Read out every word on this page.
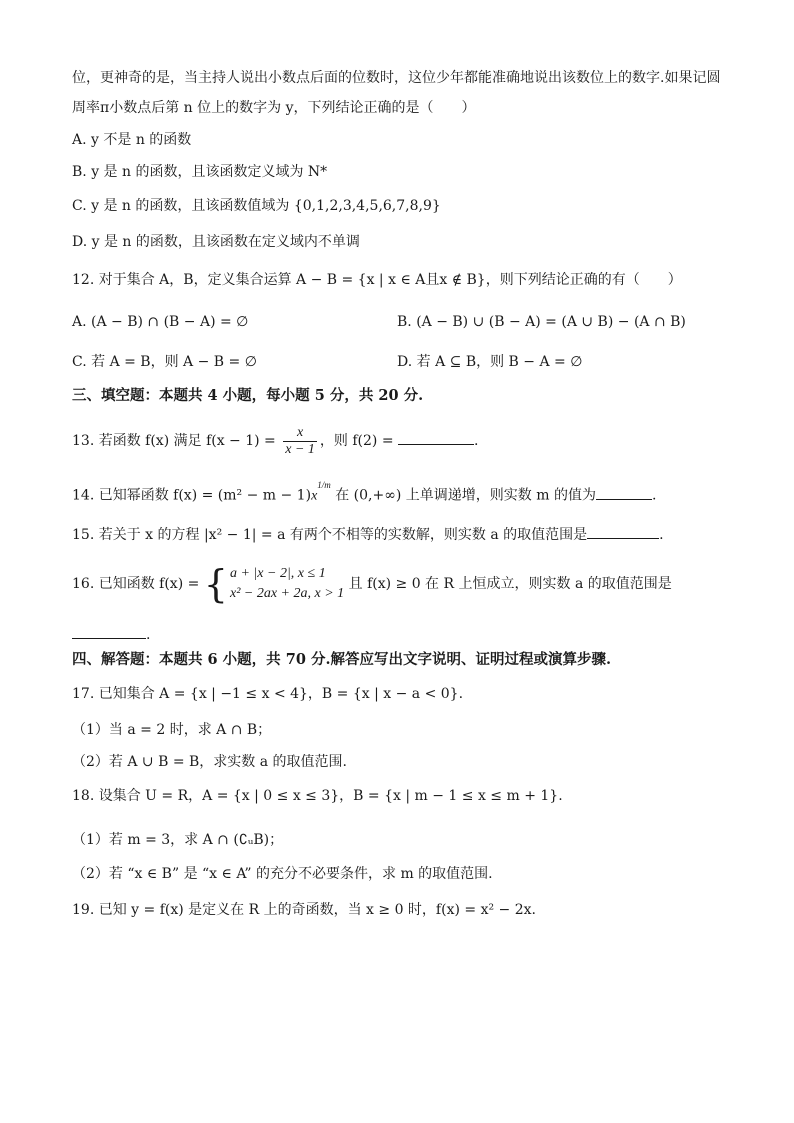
位，更神奇的是，当主持人说出小数点后面的位数时，这位少年都能准确地说出该数位上的数字.如果记圆
周率π小数点后第 n 位上的数字为 y，下列结论正确的是（　　）
A. y 不是 n 的函数
B. y 是 n 的函数，且该函数定义域为 N*
C. y 是 n 的函数，且该函数值域为 {0,1,2,3,4,5,6,7,8,9}
D. y 是 n 的函数，且该函数在定义域内不单调
12. 对于集合 A，B，定义集合运算 A − B = {x | x ∈ A且x ∉ B}，则下列结论正确的有（　　）
A. (A − B) ∩ (B − A) = ∅	B. (A − B) ∪ (B − A) = (A ∪ B) − (A ∩ B)
C. 若 A = B，则 A − B = ∅	D. 若 A ⊆ B，则 B − A = ∅
三、填空题：本题共 4 小题，每小题 5 分，共 20 分.
13. 若函数 f(x) 满足 $f(x - 1) = \frac{x}{x - 1}$ ，则 f(2) =	.
14. 已知幂函数 $f(x) = (m^2 - m - 1)x^{1/m}$ 在 (0,+∞) 上单调递增，则实数 m 的值为	.
15. 若关于 x 的方程 |x² − 1| = a 有两个不相等的实数解，则实数 a 的取值范围是	.
16. 已知函数 f(x) = { a + |x − 2|, x ≤ 1
x² − 2ax + 2a, x > 1
且 f(x) ≥ 0 在 R 上恒成立，则实数 a 的取值范围是
.
四、解答题：本题共 6 小题，共 70 分.解答应写出文字说明、证明过程或演算步骤.
17. 已知集合 A = {x | −1 ≤ x < 4}，B = {x | x − a < 0}.
（1）当 a = 2 时，求 A ∩ B；
（2）若 A ∪ B = B，求实数 a 的取值范围.
18. 设集合 U = R，A = {x | 0 ≤ x ≤ 3}，B = {x | m − 1 ≤ x ≤ m + 1}.
（1）若 m = 3，求 A ∩ (∁ᵤB)；
（2）若 “x ∈ B” 是 “x ∈ A” 的充分不必要条件，求 m 的取值范围.
19. 已知 y = f(x) 是定义在 R 上的奇函数，当 x ≥ 0 时，f(x) = x² − 2x.
